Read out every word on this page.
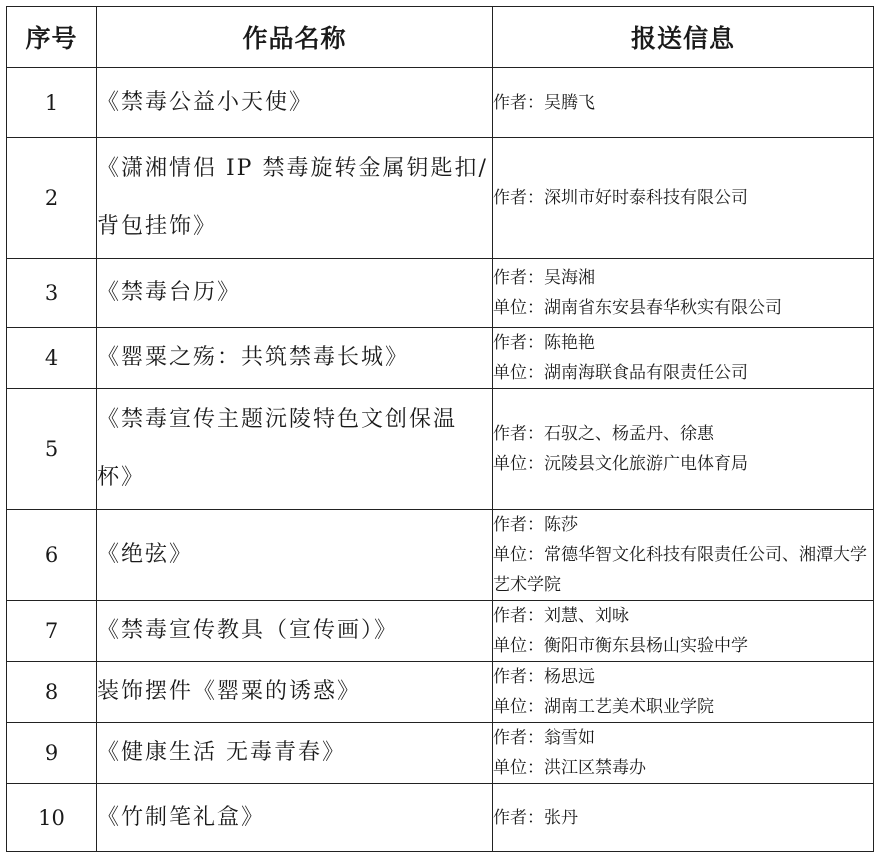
序号	作品名称	报送信息
1	《禁毒公益小天使》	作者：吴腾飞

2	《潇湘情侣 IP 禁毒旋转金属钥匙扣/背包挂饰》	作者：深圳市好时泰科技有限公司

3	《禁毒台历》	作者：吴海湘
单位：湖南省东安县春华秋实有限公司

4	《罂粟之殇：共筑禁毒长城》	作者：陈艳艳
单位：湖南海联食品有限责任公司

5	《禁毒宣传主题沅陵特色文创保温杯》	作者：石驭之、杨孟丹、徐惠
单位：沅陵县文化旅游广电体育局

6	《绝弦》	作者：陈莎
单位：常德华智文化科技有限责任公司、湘潭大学艺术学院

7	《禁毒宣传教具（宣传画）》	作者：刘慧、刘咏
单位：衡阳市衡东县杨山实验中学

8	装饰摆件《罂粟的诱惑》	作者：杨思远
单位：湖南工艺美术职业学院

9	《健康生活 无毒青春》	作者：翁雪如
单位：洪江区禁毒办

10	《竹制笔礼盒》	作者：张丹
